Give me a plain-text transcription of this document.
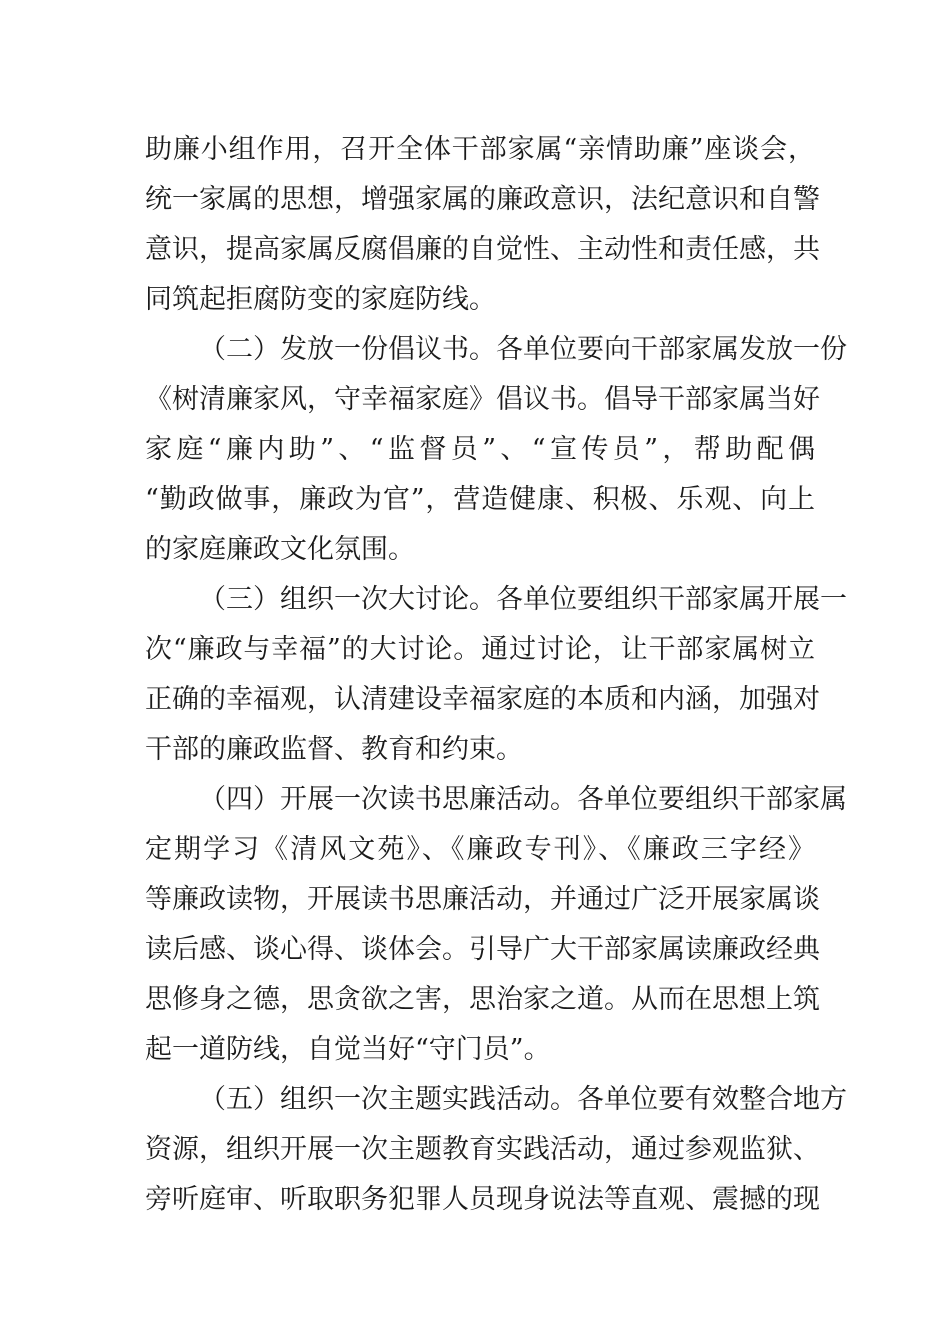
助廉小组作用，召开全体干部家属“亲情助廉”座谈会，
统一家属的思想，增强家属的廉政意识，法纪意识和自警
意识，提高家属反腐倡廉的自觉性、主动性和责任感，共
同筑起拒腐防变的家庭防线。
（二）发放一份倡议书。各单位要向干部家属发放一份
《树清廉家风，守幸福家庭》倡议书。倡导干部家属当好
家庭“廉内助”、“监督员”、“宣传员”，帮助配偶
“勤政做事，廉政为官”，营造健康、积极、乐观、向上
的家庭廉政文化氛围。
（三）组织一次大讨论。各单位要组织干部家属开展一
次“廉政与幸福”的大讨论。通过讨论，让干部家属树立
正确的幸福观，认清建设幸福家庭的本质和内涵，加强对
干部的廉政监督、教育和约束。
（四）开展一次读书思廉活动。各单位要组织干部家属
定期学习《清风文苑》、《廉政专刊》、《廉政三字经》
等廉政读物，开展读书思廉活动，并通过广泛开展家属谈
读后感、谈心得、谈体会。引导广大干部家属读廉政经典
思修身之德，思贪欲之害，思治家之道。从而在思想上筑
起一道防线，自觉当好“守门员”。
（五）组织一次主题实践活动。各单位要有效整合地方
资源，组织开展一次主题教育实践活动，通过参观监狱、
旁听庭审、听取职务犯罪人员现身说法等直观、震撼的现
